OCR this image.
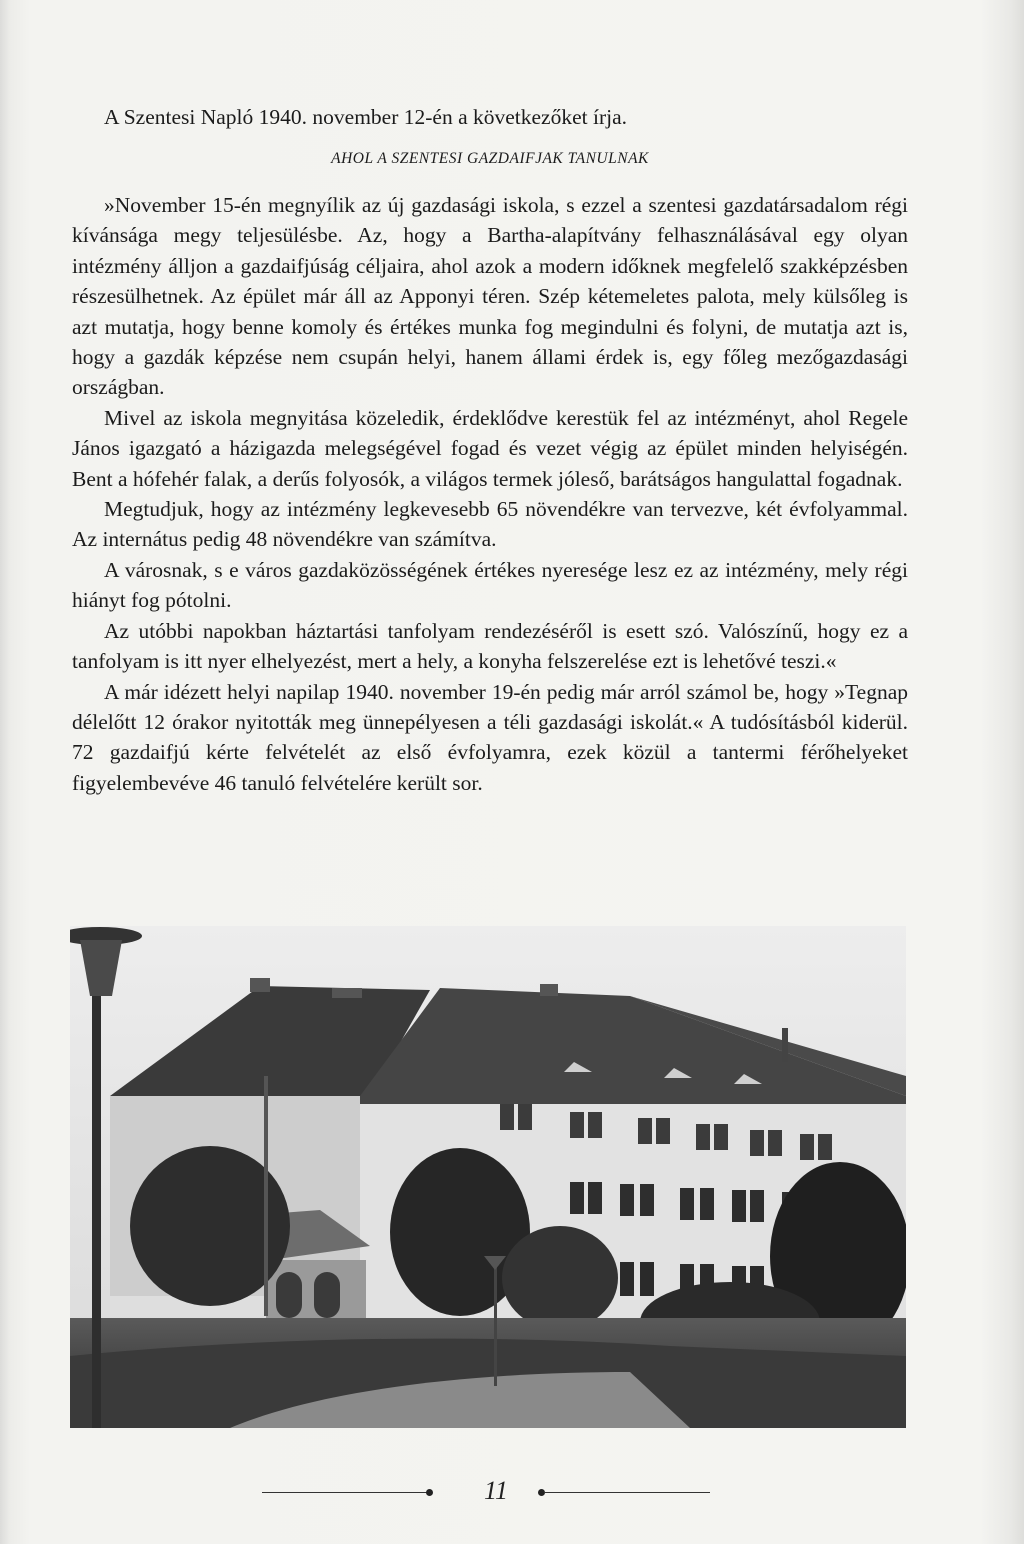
A Szentesi Napló 1940. november 12-én a következőket írja.
AHOL A SZENTESI GAZDAIFJAK TANULNAK

»November 15-én megnyílik az új gazdasági iskola, s ezzel a szentesi gazdatársadalom régi kívánsága megy teljesülésbe. Az, hogy a Bartha-alapítvány felhasználásával egy olyan intézmény álljon a gazdaifjúság céljaira, ahol azok a modern időknek megfelelő szakképzésben részesülhetnek. Az épület már áll az Apponyi téren. Szép kétemeletes palota, mely külsőleg is azt mutatja, hogy benne komoly és értékes munka fog megindulni és folyni, de mutatja azt is, hogy a gazdák képzése nem csupán helyi, hanem állami érdek is, egy főleg mezőgazdasági országban.

Mivel az iskola megnyitása közeledik, érdeklődve kerestük fel az intézményt, ahol Regele János igazgató a házigazda melegségével fogad és vezet végig az épület minden helyiségén. Bent a hófehér falak, a derűs folyosók, a világos termek jóleső, barátságos hangulattal fogadnak.

Megtudjuk, hogy az intézmény legkevesebb 65 növendékre van tervezve, két évfolyammal. Az internátus pedig 48 növendékre van számítva.

A városnak, s e város gazdaközösségének értékes nyeresége lesz ez az intézmény, mely régi hiányt fog pótolni.

Az utóbbi napokban háztartási tanfolyam rendezéséről is esett szó. Valószínű, hogy ez a tanfolyam is itt nyer elhelyezést, mert a hely, a konyha felszerelése ezt is lehetővé teszi.«

A már idézett helyi napilap 1940. november 19-én pedig már arról számol be, hogy »Tegnap délelőtt 12 órakor nyitották meg ünnepélyesen a téli gazdasági iskolát.« A tudósításból kiderül. 72 gazdaifjú kérte felvételét az első évfolyamra, ezek közül a tantermi férőhelyeket figyelembevéve 46 tanuló felvételére került sor.

11
